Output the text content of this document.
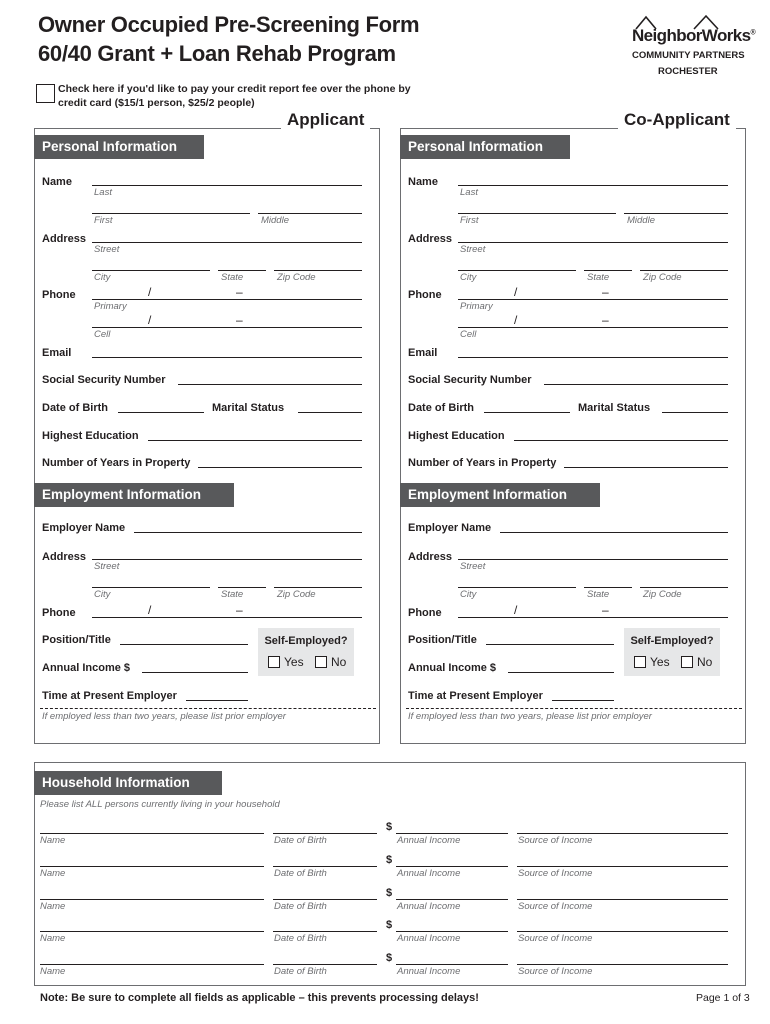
Owner Occupied Pre-Screening Form
60/40 Grant + Loan Rehab Program
NeighborWorks®
COMMUNITY PARTNERS
ROCHESTER
Check here if you'd like to pay your credit report fee over the phone by credit card ($15/1 person, $25/2 people)
Applicant
Personal Information
Name
Last
First	Middle
Address
Street
City	State	Zip Code
Phone	/	–
Primary
/	–
Cell
Email
Social Security Number
Date of Birth	Marital Status
Highest Education
Number of Years in Property
Employment Information
Employer Name
Address
Street
City	State	Zip Code
Phone	/	–
Position/Title
Annual Income $
Self-Employed?
Yes No
Time at Present Employer
If employed less than two years, please list prior employer
Co-Applicant
Personal Information
Name
Last
First	Middle
Address
Street
City	State	Zip Code
Phone	/	–
Primary
/	–
Cell
Email
Social Security Number
Date of Birth	Marital Status
Highest Education
Number of Years in Property
Employment Information
Employer Name
Address
Street
City	State	Zip Code
Phone	/	–
Position/Title
Annual Income $
Self-Employed?
Yes No
Time at Present Employer
If employed less than two years, please list prior employer
Household Information
Please list ALL persons currently living in your household
$
Name	Date of Birth	Annual Income	Source of Income
$
Name	Date of Birth	Annual Income	Source of Income
$
Name	Date of Birth	Annual Income	Source of Income
$
Name	Date of Birth	Annual Income	Source of Income
$
Name	Date of Birth	Annual Income	Source of Income
Note: Be sure to complete all fields as applicable – this prevents processing delays!	Page 1 of 3
